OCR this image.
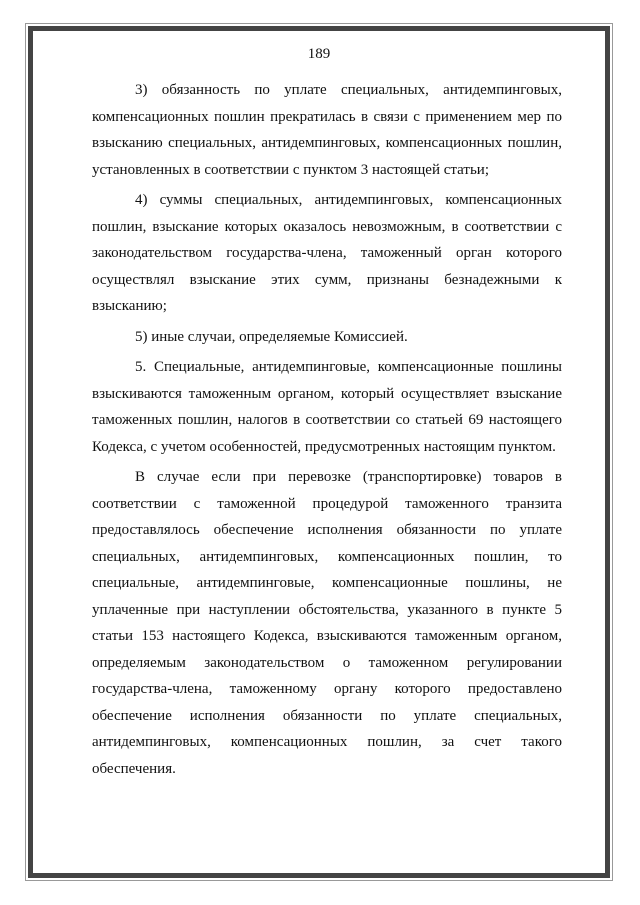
189

3) обязанность по уплате специальных, антидемпинговых, компенсационных пошлин прекратилась в связи с применением мер по взысканию специальных, антидемпинговых, компенсационных пошлин, установленных в соответствии с пунктом 3 настоящей статьи;

4) суммы специальных, антидемпинговых, компенсационных пошлин, взыскание которых оказалось невозможным, в соответствии с законодательством государства-члена, таможенный орган которого осуществлял взыскание этих сумм, признаны безнадежными к взысканию;

5) иные случаи, определяемые Комиссией.

5. Специальные, антидемпинговые, компенсационные пошлины взыскиваются таможенным органом, который осуществляет взыскание таможенных пошлин, налогов в соответствии со статьей 69 настоящего Кодекса, с учетом особенностей, предусмотренных настоящим пунктом.

В случае если при перевозке (транспортировке) товаров в соответствии с таможенной процедурой таможенного транзита предоставлялось обеспечение исполнения обязанности по уплате специальных, антидемпинговых, компенсационных пошлин, то специальные, антидемпинговые, компенсационные пошлины, не уплаченные при наступлении обстоятельства, указанного в пункте 5 статьи 153 настоящего Кодекса, взыскиваются таможенным органом, определяемым законодательством о таможенном регулировании государства-члена, таможенному органу которого предоставлено обеспечение исполнения обязанности по уплате специальных, антидемпинговых, компенсационных пошлин, за счет такого обеспечения.
